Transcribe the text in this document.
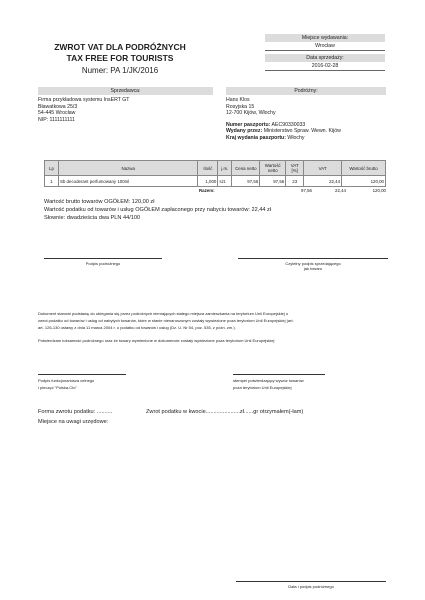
ZWROT VAT DLA PODRÓŻNYCH
TAX FREE FOR TOURISTS
Numer: PA 1/JK/2016
Miejsce wydawania:
Wrocław
Data sprzedaży:
2016-02-28
Sprzedawca:
Firma przykładowa systemu InsERT GT
Bławatkowa 25/3
54-445 Wrocław
NIP: 1111111111
Podróżny:
Hans Klos
Rosyjska 15
12-700 Kijów, Włochy
Numer paszportu: AEC90330033
Wydany przez: Ministerstwo Spraw. Wewn. Kijów
Kraj wydania paszportu: Włochy
Lp	Nazwa	Ilość	j.m.	Cena netto	Wartość netto	VAT [%]	VAT	Wartość brutto
1	Sb decoderant perfumowany 100ml	1,000	szt.	97,56	97,56	23	22,44	120,00
Razem:	97,56	22,44	120,00
Wartość brutto towarów OGÓŁEM: 120,00 zł
Wartość podatku od towarów i usług OGÓŁEM zapłaconego przy nabyciu towarów: 22,44 zł
Słownie: dwadzieścia dwa PLN 44/100
Podpis podróżnego	Czytelny podpis sprzedającego
jak towaru
Dokument stanowi podstawę do ubiegania się przez podróżnych niemających stałego miejsca zamieszkania na terytorium Unii Europejskiej o
zwrot podatku od towarów i usług od nabytych towarów, które w stanie nienaruszonym zostały wywiezione poza terytorium Unii Europejskiej (art.
art. 126-130 ustawy z dnia 11 marca 2004 r. o podatku od towarów i usług (Dz. U. Nr 54, poz. 535, z późn. zm.).
Potwierdzam tożsamość podróżnego oraz że towary wymienione w dokumencie zostały wywiezione poza terytorium Unii Europejskiej
Podpis funkcjonariusza celnego
i pieczęć "Polska-Cło"
stempel potwierdzający wywóz towarów
poza terytorium Unii Europejskiej
Forma zwrotu podatku: ..........	Zwrot podatku w kwocie......................zł......gr otrzymałem(-łam)
Miejsce na uwagi urzędowe:
Data i podpis podróżnego
